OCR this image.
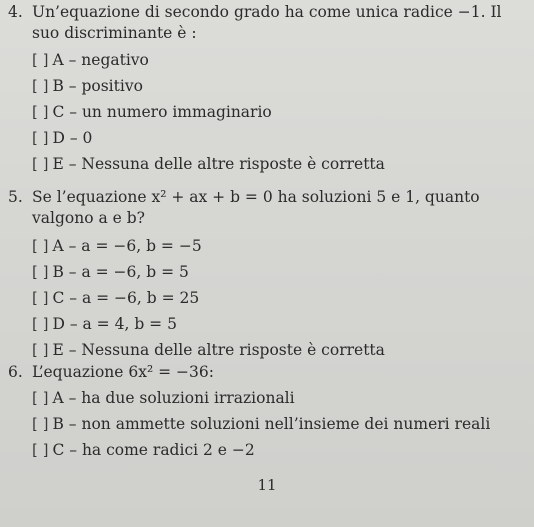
4. Un’equazione di secondo grado ha come unica radice −1. Il suo discriminante è :
[ ] A – negativo
[ ] B – positivo
[ ] C – un numero immaginario
[ ] D – 0
[ ] E – Nessuna delle altre risposte è corretta
5. Se l’equazione x² + ax + b = 0 ha soluzioni 5 e 1, quanto valgono a e b?
[ ] A – a = −6, b = −5
[ ] B – a = −6, b = 5
[ ] C – a = −6, b = 25
[ ] D – a = 4, b = 5
[ ] E – Nessuna delle altre risposte è corretta
6. L’equazione 6x² = −36:
[ ] A – ha due soluzioni irrazionali
[ ] B – non ammette soluzioni nell’insieme dei numeri reali
[ ] C – ha come radici 2 e −2
11
